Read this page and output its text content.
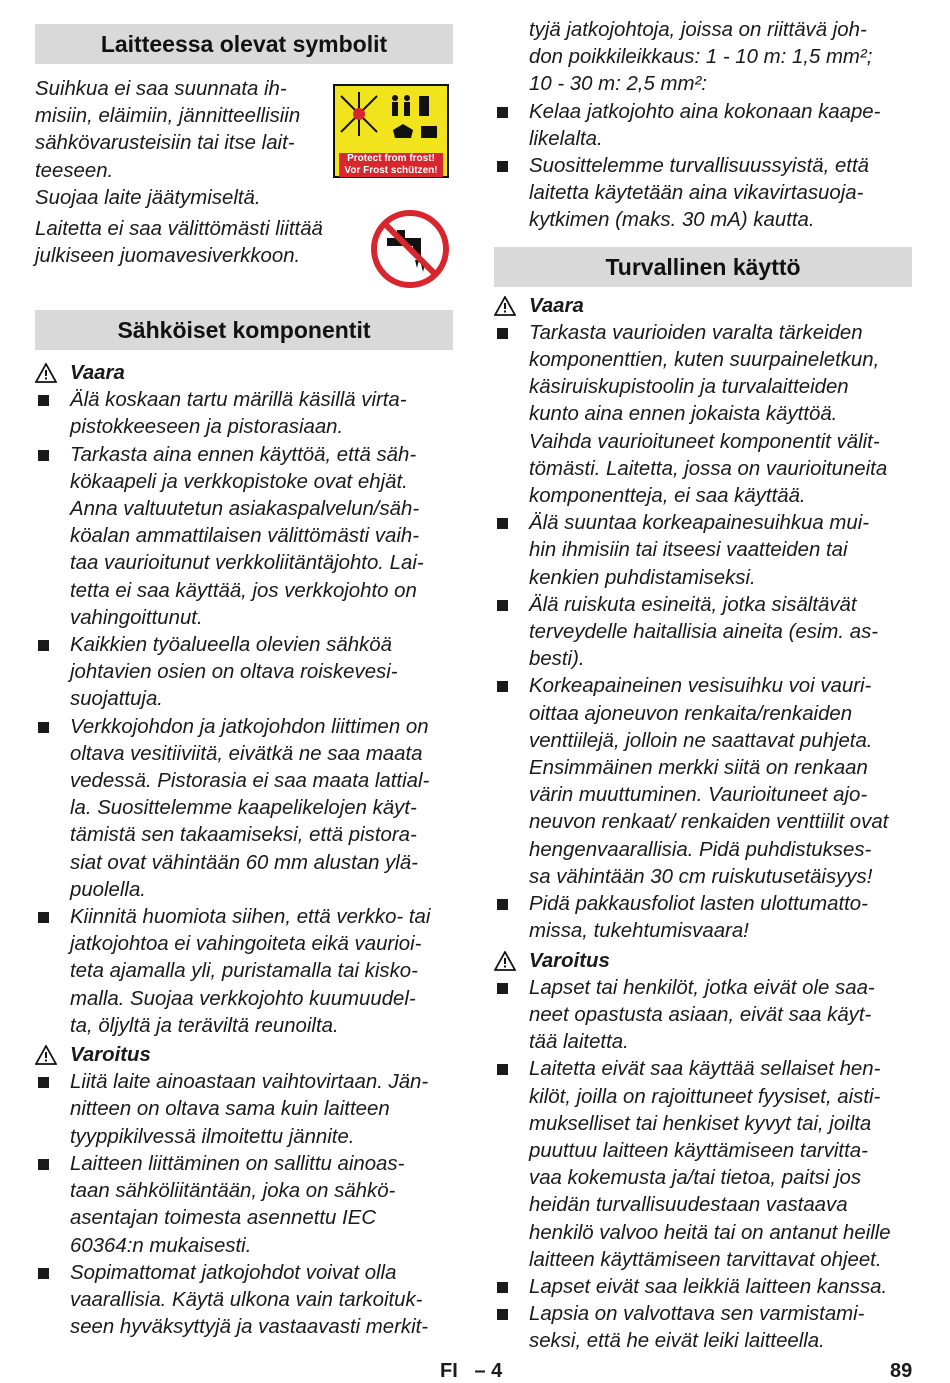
Laitteessa olevat symbolit
Suihkua ei saa suunnata ih-
misiin, eläimiin, jännitteellisiin
sähkövarusteisiin tai itse lait-
teeseen.
Suojaa laite jäätymiseltä.
Protect from frost!
Vor Frost schützen!
Laitetta ei saa välittömästi liittää
julkiseen juomavesiverkkoon.
Sähköiset komponentit
Vaara
Älä koskaan tartu märillä käsillä virta-
pistokkeeseen ja pistorasiaan.
Tarkasta aina ennen käyttöä, että säh-
kökaapeli ja verkkopistoke ovat ehjät.
Anna valtuutetun asiakaspalvelun/säh-
köalan ammattilaisen välittömästi vaih-
taa vaurioitunut verkkoliitäntäjohto. Lai-
tetta ei saa käyttää, jos verkkojohto on
vahingoittunut.
Kaikkien työalueella olevien sähköä
johtavien osien on oltava roiskevesi-
suojattuja.
Verkkojohdon ja jatkojohdon liittimen on
oltava vesitiiviitä, eivätkä ne saa maata
vedessä. Pistorasia ei saa maata lattial-
la. Suosittelemme kaapelikelojen käyt-
tämistä sen takaamiseksi, että pistora-
siat ovat vähintään 60 mm alustan ylä-
puolella.
Kiinnitä huomiota siihen, että verkko- tai
jatkojohtoa ei vahingoiteta eikä vaurioi-
teta ajamalla yli, puristamalla tai kisko-
malla. Suojaa verkkojohto kuumuudel-
ta, öljyltä ja teräviltä reunoilta.
Varoitus
Liitä laite ainoastaan vaihtovirtaan. Jän-
nitteen on oltava sama kuin laitteen
tyyppikilvessä ilmoitettu jännite.
Laitteen liittäminen on sallittu ainoas-
taan sähköliitäntään, joka on sähkö-
asentajan toimesta asennettu IEC
60364:n mukaisesti.
Sopimattomat jatkojohdot voivat olla
vaarallisia. Käytä ulkona vain tarkoituk-
seen hyväksyttyjä ja vastaavasti merkit-
tyjä jatkojohtoja, joissa on riittävä joh-
don poikkileikkaus: 1 - 10 m: 1,5 mm²;
10 - 30 m: 2,5 mm²:
Kelaa jatkojohto aina kokonaan kaape-
likelalta.
Suosittelemme turvallisuussyistä, että
laitetta käytetään aina vikavirtasuoja-
kytkimen (maks. 30 mA) kautta.
Turvallinen käyttö
Vaara
Tarkasta vaurioiden varalta tärkeiden
komponenttien, kuten suurpaineletkun,
käsiruiskupistoolin ja turvalaitteiden
kunto aina ennen jokaista käyttöä.
Vaihda vaurioituneet komponentit välit-
tömästi. Laitetta, jossa on vaurioituneita
komponentteja, ei saa käyttää.
Älä suuntaa korkeapainesuihkua mui-
hin ihmisiin tai itseesi vaatteiden tai
kenkien puhdistamiseksi.
Älä ruiskuta esineitä, jotka sisältävät
terveydelle haitallisia aineita (esim. as-
besti).
Korkeapaineinen vesisuihku voi vauri-
oittaa ajoneuvon renkaita/renkaiden
venttiilejä, jolloin ne saattavat puhjeta.
Ensimmäinen merkki siitä on renkaan
värin muuttuminen. Vaurioituneet ajo-
neuvon renkaat/ renkaiden venttiilit ovat
hengenvaarallisia. Pidä puhdistukses-
sa vähintään 30 cm ruiskutusetäisyys!
Pidä pakkausfoliot lasten ulottumatto-
missa, tukehtumisvaara!
Varoitus
Lapset tai henkilöt, jotka eivät ole saa-
neet opastusta asiaan, eivät saa käyt-
tää laitetta.
Laitetta eivät saa käyttää sellaiset hen-
kilöt, joilla on rajoittuneet fyysiset, aisti-
mukselliset tai henkiset kyvyt tai, joilta
puuttuu laitteen käyttämiseen tarvitta-
vaa kokemusta ja/tai tietoa, paitsi jos
heidän turvallisuudestaan vastaava
henkilö valvoo heitä tai on antanut heille
laitteen käyttämiseen tarvittavat ohjeet.
Lapset eivät saa leikkiä laitteen kanssa.
Lapsia on valvottava sen varmistami-
seksi, että he eivät leiki laitteella.
FI   – 4	89
